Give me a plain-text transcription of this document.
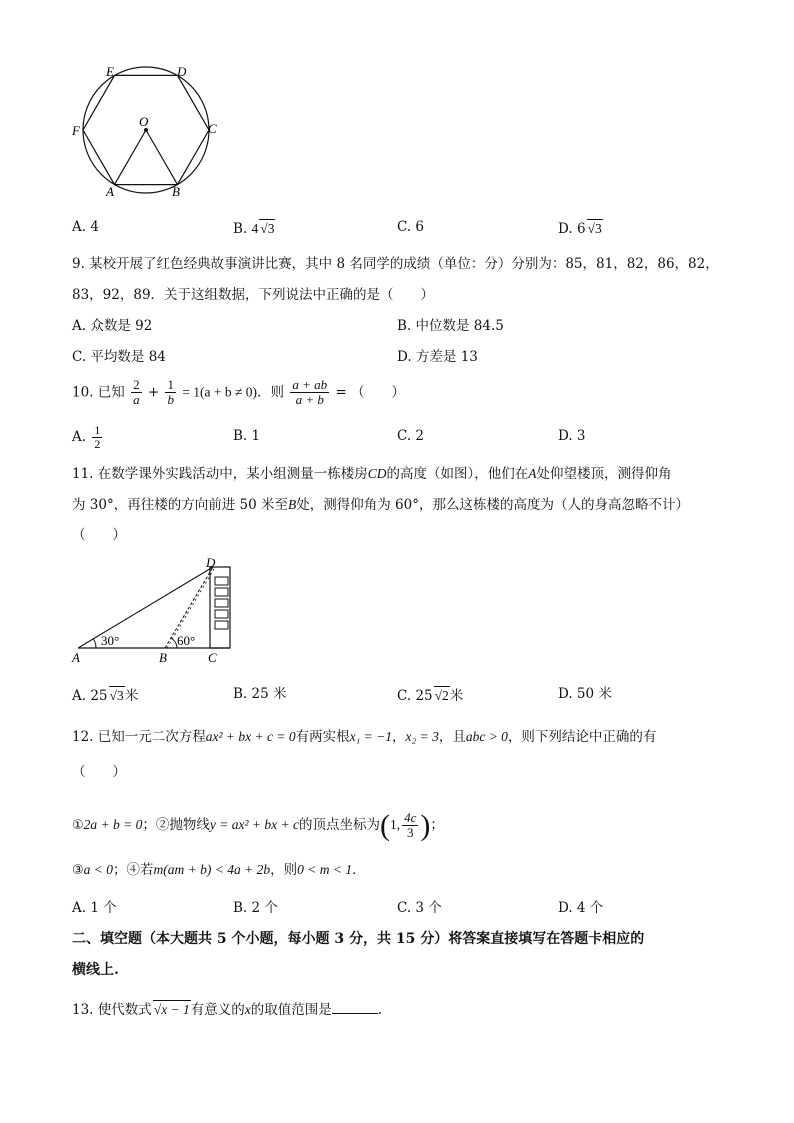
E	D
F
O	C
A	B
A. 4	B. 4 √3	C. 6	D. 6 √3
9. 某校开展了红色经典故事演讲比赛，其中 8 名同学的成绩（单位：分）分别为：85，81，82，86，82，
83，92，89．关于这组数据，下列说法中正确的是（　　）
A. 众数是 92	B. 中位数是 84.5
C. 平均数是 84	D. 方差是 13
10. 已知 $\frac{2}{a} + \frac{1}{b} = 1(a + b \ne 0)$．则 $\frac{a + ab}{a + b}$ = （　　）
A. $\frac{1}{2}$	B. 1	C. 2	D. 3
11. 在数学课外实践活动中，某小组测量一栋楼房CD的高度（如图），他们在A处仰望楼顶，测得仰角
为 30°，再往楼的方向前进 50 米至B处，测得仰角为 60°，那么这栋楼的高度为（人的身高忽略不计）
（　　）
30°	60°
D
A	B	C
A. 25 √3米	B. 25 米	C. 25 √2米	D. 50 米
12. 已知一元二次方程ax² + bx + c = 0有两实根x₁ = −1，x₂ = 3，且abc > 0，则下列结论中正确的有
（　　）
①2a + b = 0；②抛物线y = ax² + bx + c的顶点坐标为(1, $\frac{4c}{3}$ )；
③a < 0；④若m(am + b) < 4a + 2b，则0 < m < 1．
A. 1 个	B. 2 个	C. 3 个	D. 4 个
二、填空题（本大题共 5 个小题，每小题 3 分，共 15 分）将答案直接填写在答题卡相应的
横线上.
13. 使代数式 √x − 1有意义的x的取值范围是	.
